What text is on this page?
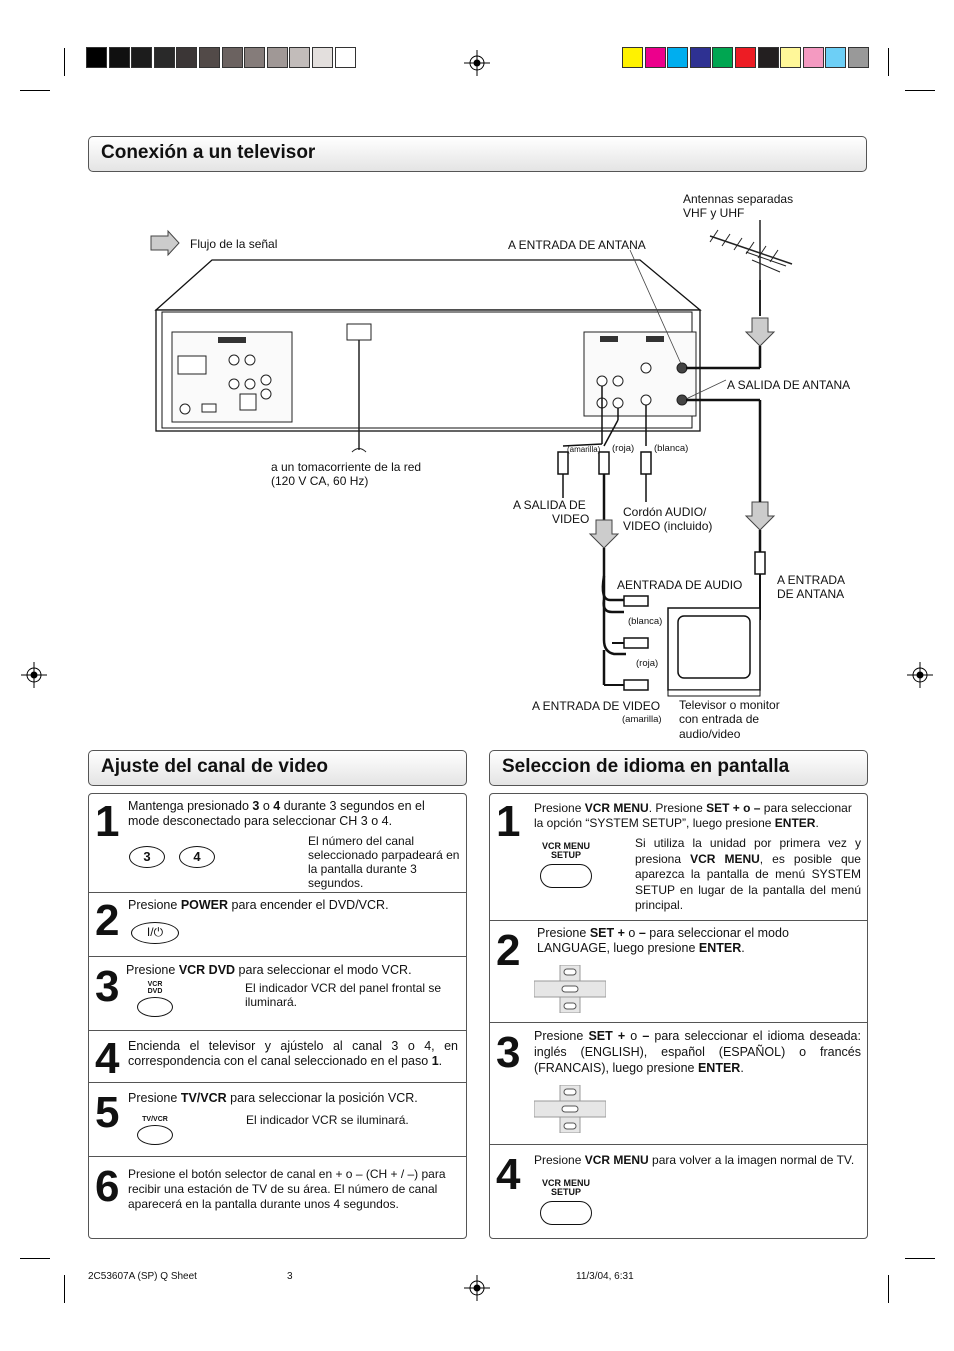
Conexión a un televisor
Flujo de la señal
Antennas separadas
VHF y UHF
A ENTRADA DE ANTANA
A SALIDA DE ANTANA
a un tomacorriente de la red
(120 V CA, 60 Hz)
(amarilla) (roja) (blanca)
A SALIDA DE
VIDEO	Cordón AUDIO/
VIDEO (incluido)
AENTRADA DE AUDIO	A ENTRADA
DE ANTANA
(blanca)
(roja)
A ENTRADA DE VIDEO
(amarilla)
Televisor o monitor
con entrada de
audio/video
Ajuste del canal de video
1 Mantenga presionado 3 o 4 durante 3 segundos en el mode desconectado para seleccionar CH 3 o 4.
El número del canal seleccionado parpadeará en la pantalla durante 3 segundos.
3	4
2 Presione POWER para encender el DVD/VCR.
I/⏻
3 Presione VCR DVD para seleccionar el modo VCR.
VCR
DVD	El indicador VCR del panel frontal se iluminará.
4 Encienda el televisor y ajústelo al canal 3 o 4, en correspondencia con el canal seleccionado en el paso 1.
5 Presione TV/VCR para seleccionar la posición VCR.
TV/VCR	El indicador VCR se iluminará.
6 Presione el botón selector de canal en + o – (CH + / –) para recibir una estación de TV de su área. El número de canal aparecerá en la pantalla durante unos 4 segundos.
Seleccion de idioma en pantalla
1 Presione VCR MENU. Presione SET + o – para seleccionar la opción “SYSTEM SETUP”, luego presione ENTER.
Si utiliza la unidad por primera vez y presiona VCR MENU, es posible que aparezca la pantalla de menú SYSTEM SETUP en lugar de la pantalla del menú principal.
VCR MENU
SETUP
2 Presione SET + o – para seleccionar el modo LANGUAGE, luego presione ENTER.
3 Presione SET + o – para seleccionar el idioma deseada: inglés (ENGLISH), español (ESPAÑOL) o francés (FRANCAIS), luego presione ENTER.
4 Presione VCR MENU para volver a la imagen normal de TV.
VCR MENU
SETUP
2C53607A (SP) Q Sheet	3	11/3/04, 6:31
